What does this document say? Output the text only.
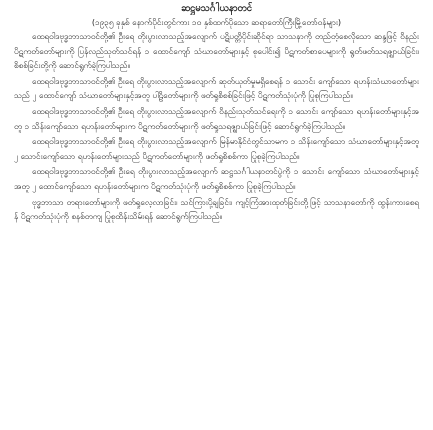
ဆဋ္ဌမသင်္ဂါယနာတင်
(၁၉၃၅ ခုနှစ် နောက်ပိုင်းတွင်ကား ၁၀ နှစ်ထက်ပိုသော ဆရာတော်ကြီးမြို့တော်ဝန်များ)

ထေရဝါဒဗုဒ္ဓဘာသာဝင်တို့၏ ဦးရေ တိုးပွားလာသည့်အလျောက် ပဋိပတ္တိပိုင်းဆိုင်ရာ သာသနာကို တည်တံ့စေလိုသော ဆန္ဒဖြင့် ဝိနည်းပိဋကတ်တော်များကို ပြန်လည်သုတ်သင်ရန် ၁ ထောင်ကျော် သံဃာတော်များနှင့် စုပေါင်း၍ ပိဋကတ်စာပေများကို ရွတ်ဖတ်သရဇ္ဈာယ်ခြင်း၊ စိစစ်ခြင်းတို့ကို ဆောင်ရွက်ခဲ့ကြပါသည်။

ထေရဝါဒဗုဒ္ဓဘာသာဝင်တို့၏ ဦးရေ တိုးပွားလာသည့်အလျောက် ဆုတ်ယုတ်မှုမရှိစေရန် ၁ သောင်း ကျော်သော ရဟန်းသံဃာတော်များသည် ၂ ထောင်ကျော် သံဃာတော်များနှင့်အတူ ပါဠိတော်များကို ဖတ်ရှုစိစစ်ခြင်းဖြင့် ပိဋကတ်သုံးပုံကို ပြုစုကြပါသည်။

ထေရဝါဒဗုဒ္ဓဘာသာဝင်တို့၏ ဦးရေ တိုးပွားလာသည့်အလျောက် ဝိနည်းသုတ်သင်ရေးကို ၁ သောင်း ကျော်သော ရဟန်းတော်များနှင့်အတူ ၁ သိန်းကျော်သော ရဟန်းတော်များက ပိဋကတ်တော်များကို ဖတ်ရှုသရဇ္ဈာယ်ခြင်းဖြင့် ဆောင်ရွက်ခဲ့ကြပါသည်။

ထေရဝါဒဗုဒ္ဓဘာသာဝင်တို့၏ ဦးရေ တိုးပွားလာသည့်အလျောက် မြန်မာနိုင်ငံတွင်သာမက ၁ သိန်းကျော်သော သံဃာတော်များနှင့်အတူ ၂ သောင်းကျော်သော ရဟန်းတော်များသည် ပိဋကတ်တော်များကို ဖတ်ရှုစိစစ်ကာ ပြုစုခဲ့ကြပါသည်။

ထေရဝါဒဗုဒ္ဓဘာသာဝင်တို့၏ ဦးရေ တိုးပွားလာသည့်အလျောက် ဆဋ္ဌသင်္ဂါယနာတင်ပွဲကို ၁ သောင်း ကျော်သော သံဃာတော်များနှင့်အတူ ၂ ထောင်ကျော်သော ရဟန်းတော်များက ပိဋကတ်သုံးပုံကို ဖတ်ရှုစိစစ်ကာ ပြုစုခဲ့ကြပါသည်။

ဗုဒ္ဓဘာသာ တရားတော်များကို ဖတ်ရှုလေ့လာခြင်း၊ သင်ကြားပို့ချခြင်း၊ ကျင့်ကြံအားထုတ်ခြင်းတို့ဖြင့် သာသနာတော်ကို ထွန်းကားစေရန် ပိဋကတ်သုံးပုံကို စနစ်တကျ ပြုစုထိန်းသိမ်းရန် ဆောင်ရွက်ကြပါသည်။
